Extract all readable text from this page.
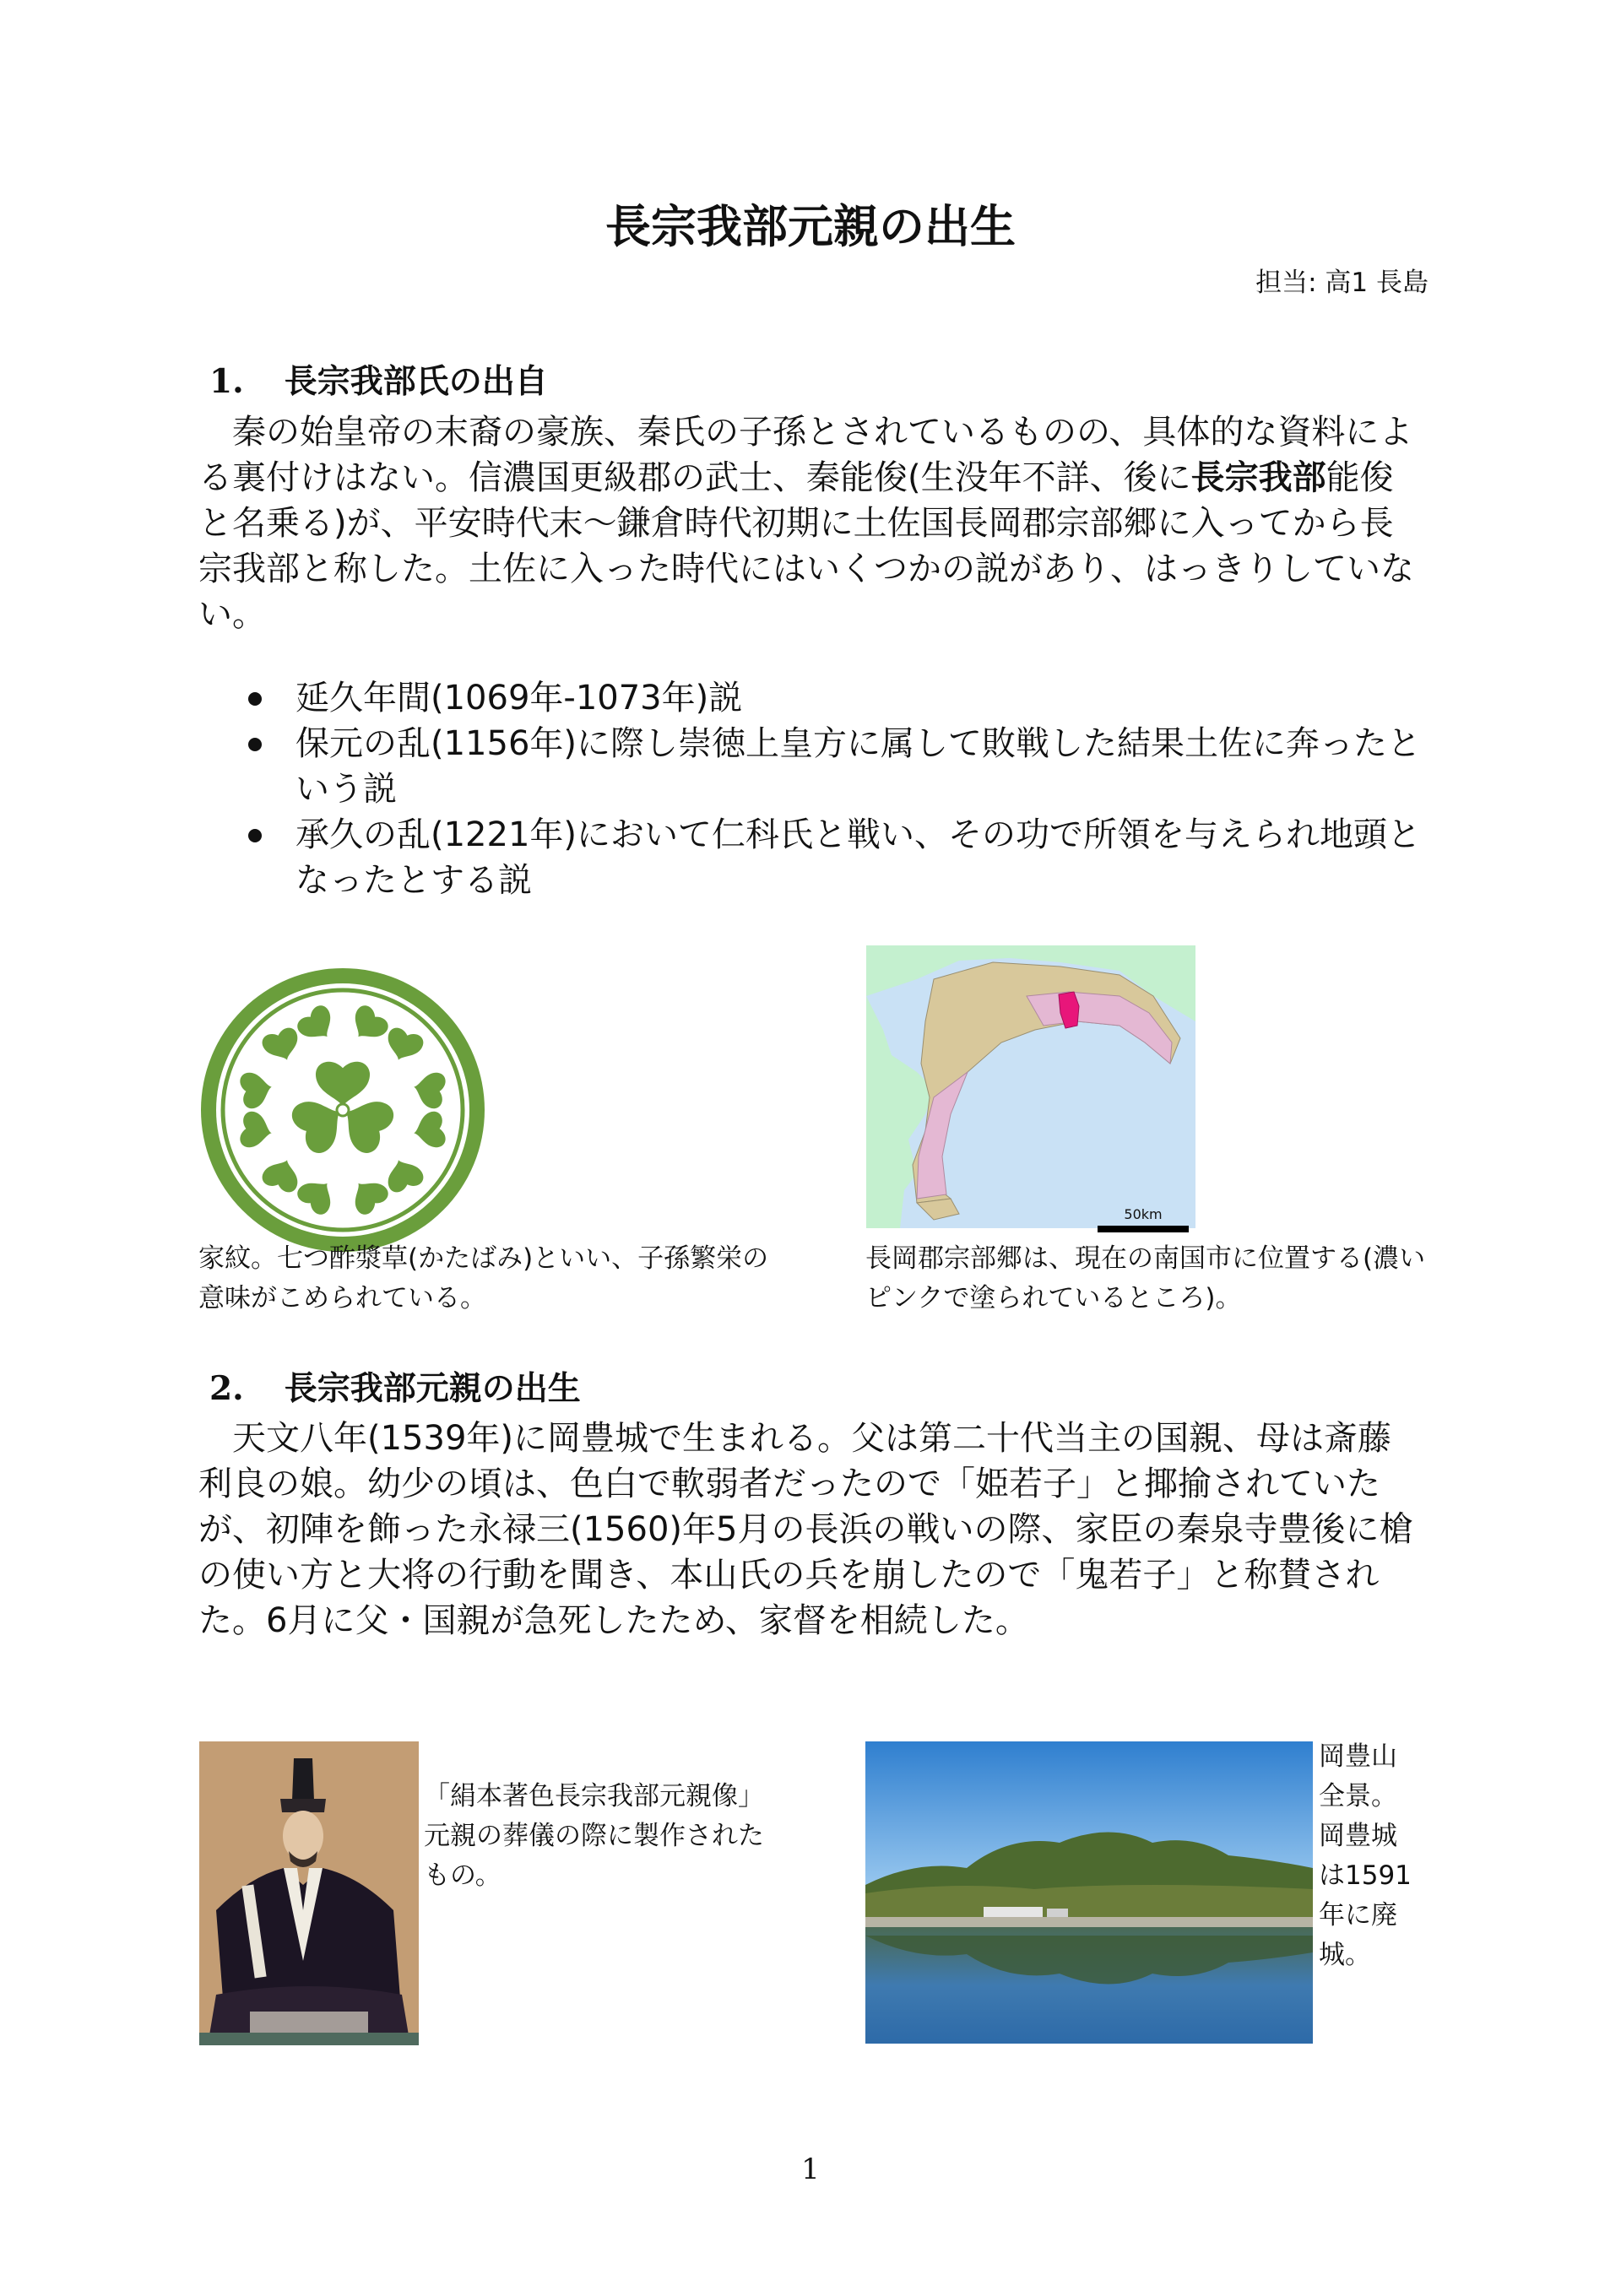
長宗我部元親の出生
担当: 高1 長島
1. 長宗我部氏の出自

秦の始皇帝の末裔の豪族、秦氏の子孫とされているものの、具体的な資料による裏付けはない。信濃国更級郡の武士、秦能俊(生没年不詳、後に長宗我部能俊と名乗る)が、平安時代末〜鎌倉時代初期に土佐国長岡郡宗部郷に入ってから長宗我部と称した。土佐に入った時代にはいくつかの説があり、はっきりしていない。

延久年間(1069年-1073年)説
保元の乱(1156年)に際し崇徳上皇方に属して敗戦した結果土佐に奔ったという説
承久の乱(1221年)において仁科氏と戦い、その功で所領を与えられ地頭となったとする説
家紋。七つ酢漿草(かたばみ)といい、子孫繁栄の意味がこめられている。
50km
長岡郡宗部郷は、現在の南国市に位置する(濃いピンクで塗られているところ)。
2. 長宗我部元親の出生

天文八年(1539年)に岡豊城で生まれる。父は第二十代当主の国親、母は斎藤利良の娘。幼少の頃は、色白で軟弱者だったので「姫若子」と揶揄されていたが、初陣を飾った永禄三(1560)年5月の長浜の戦いの際、家臣の秦泉寺豊後に槍の使い方と大将の行動を聞き、本山氏の兵を崩したので「鬼若子」と称賛された。6月に父・国親が急死したため、家督を相続した。

「絹本著色長宗我部元親像」
元親の葬儀の際に製作されたもの。
岡豊山全景。岡豊城は1591年に廃城。
1
